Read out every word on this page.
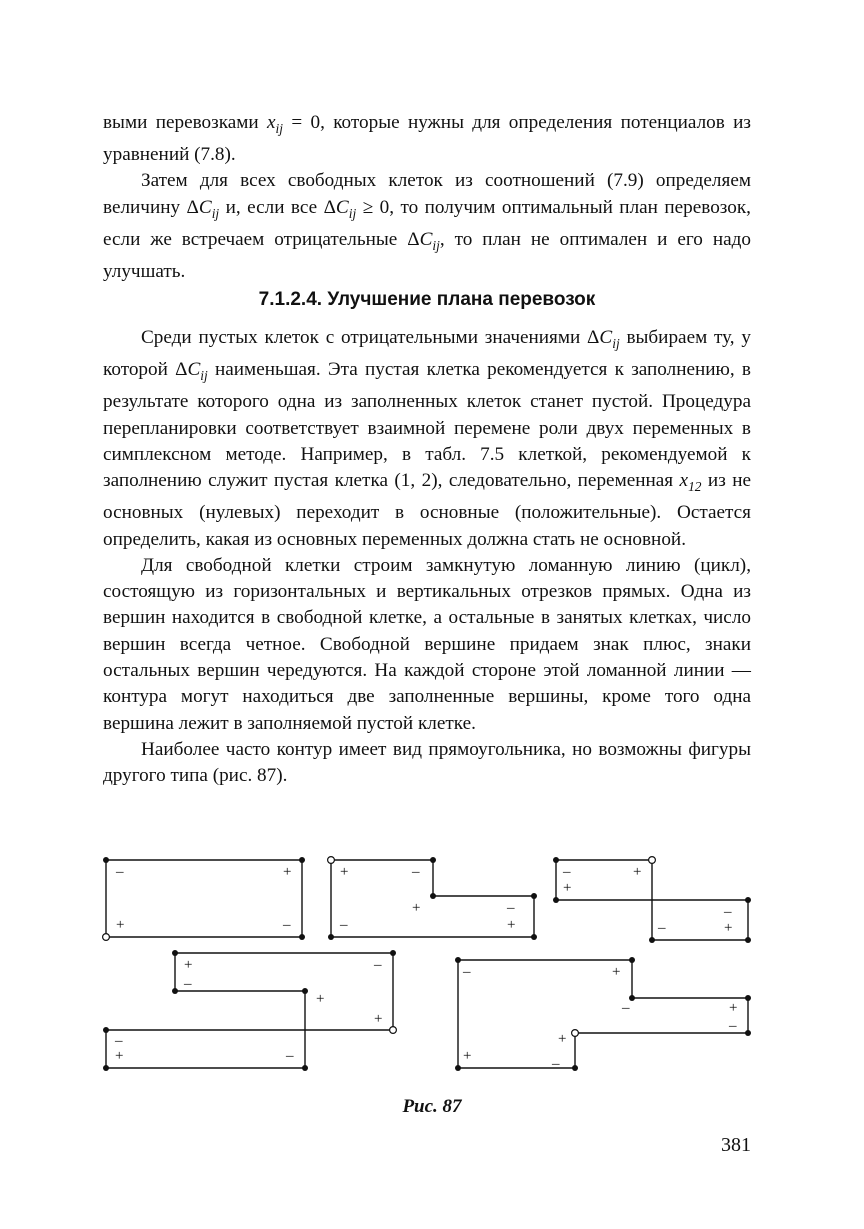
выми перевозками $x_{ij} = 0$, которые нужны для определения потенциалов из уравнений (7.8).

Затем для всех свободных клеток из соотношений (7.9) определяем величину $\Delta C_{ij}$ и, если все $\Delta C_{ij} \ge 0$, то получим оптимальный план перевозок, если же встречаем отрицательные $\Delta C_{ij}$, то план не оптимален и его надо улучшать.

7.1.2.4. Улучшение плана перевозок

Среди пустых клеток с отрицательными значениями $\Delta C_{ij}$ выбираем ту, у которой $\Delta C_{ij}$ наименьшая. Эта пустая клетка рекомендуется к заполнению, в результате которого одна из заполненных клеток станет пустой. Процедура перепланировки соответствует взаимной перемене роли двух переменных в симплексном методе. Например, в табл. 7.5 клеткой, рекомендуемой к заполнению служит пустая клетка (1, 2), следовательно, переменная $x_{12}$ из не основных (нулевых) переходит в основные (положительные). Остается определить, какая из основных переменных должна стать не основной.

Для свободной клетки строим замкнутую ломанную линию (цикл), состоящую из горизонтальных и вертикальных отрезков прямых. Одна из вершин находится в свободной клетке, а остальные в занятых клетках, число вершин всегда четное. Свободной вершине придаем знак плюс, знаки остальных вершин чередуются. На каждой стороне этой ломанной линии — контура могут находиться две заполненные вершины, кроме того одна вершина лежит в заполняемой пустой клетке.

Наиболее часто контур имеет вид прямоугольника, но возможны фигуры другого типа (рис. 87).

–	+
+	–
+	–
+	–
–	+
–
+
+
–
–	+
+	–
–
+
+
–
+	–
–	+
–	+
–
+
+	–

Рис. 87

381
